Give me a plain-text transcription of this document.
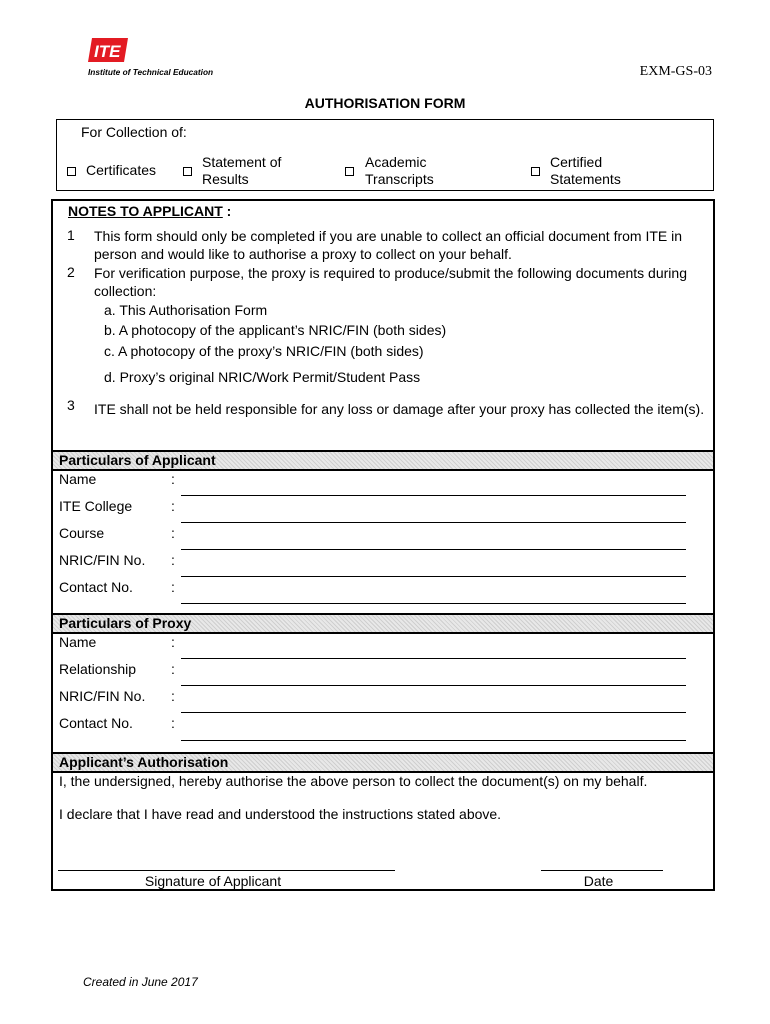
ITE
Institute of Technical Education	EXM-GS-03
AUTHORISATION FORM
For Collection of:
Certificates	Statement of
Results
Academic
Transcripts
Certified
Statements
NOTES TO APPLICANT :
1 This form should only be completed if you are unable to collect an official document from ITE in person and would like to authorise a proxy to collect on your behalf.
2 For verification purpose, the proxy is required to produce/submit the following documents during collection:
a. This Authorisation Form
b. A photocopy of the applicant’s NRIC/FIN (both sides)
c. A photocopy of the proxy’s NRIC/FIN (both sides)
d. Proxy’s original NRIC/Work Permit/Student Pass
3 ITE shall not be held responsible for any loss or damage after your proxy has collected the item(s).
Particulars of Applicant
Name	:
ITE College	:
Course	:
NRIC/FIN No. :
Contact No.	:
Particulars of Proxy
Name	:
Relationship :
NRIC/FIN No. :
Contact No.	:
Applicant’s Authorisation
I, the undersigned, hereby authorise the above person to collect the document(s) on my behalf.
I declare that I have read and understood the instructions stated above.
Signature of Applicant	Date
Created in June 2017
